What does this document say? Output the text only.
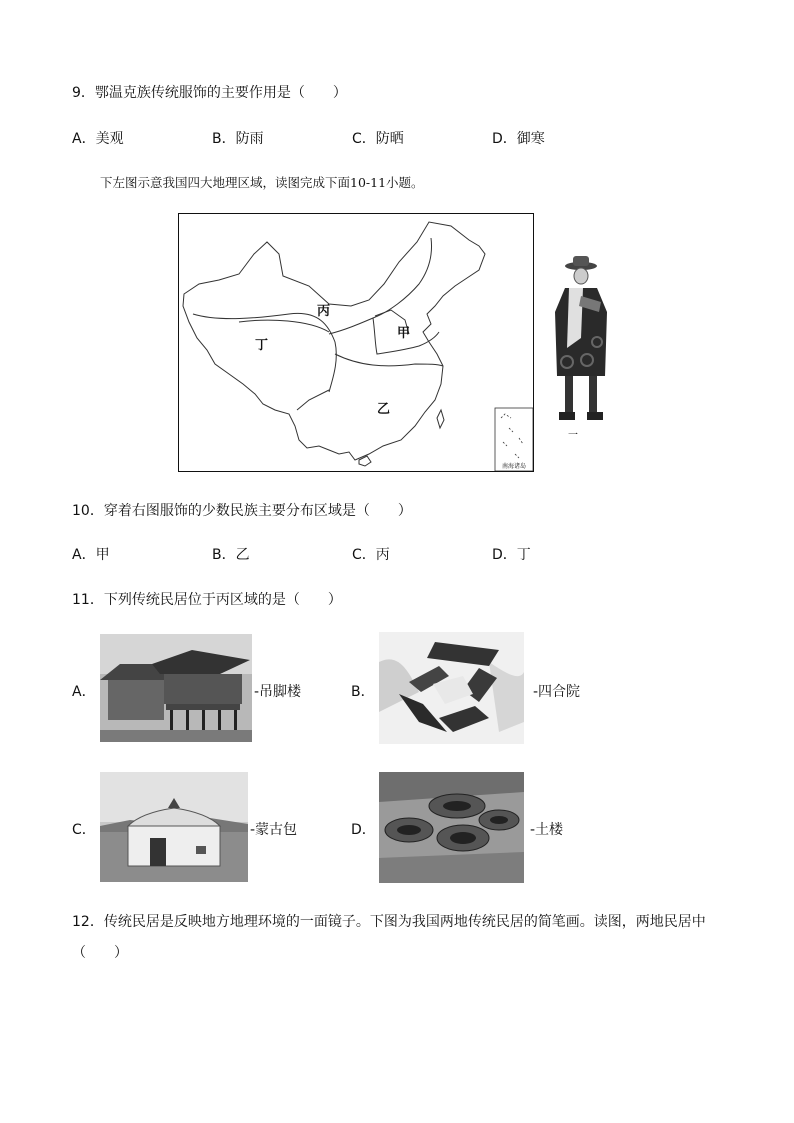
9．鄂温克族传统服饰的主要作用是（　　）
A．美观	B．防雨	C．防晒	D．御寒
下左图示意我国四大地理区域，读图完成下面10-11小题。
南海诸岛
丙
甲
丁
乙
一
10．穿着右图服饰的少数民族主要分布区域是（　　）
A．甲	B．乙	C．丙	D．丁
11．下列传统民居位于丙区域的是（　　）
A．	-吊脚楼	B．	-四合院
C．	-蒙古包	D．	-土楼
12．传统民居是反映地方地理环境的一面镜子。下图为我国两地传统民居的简笔画。读图，两地民居中
（　　）
